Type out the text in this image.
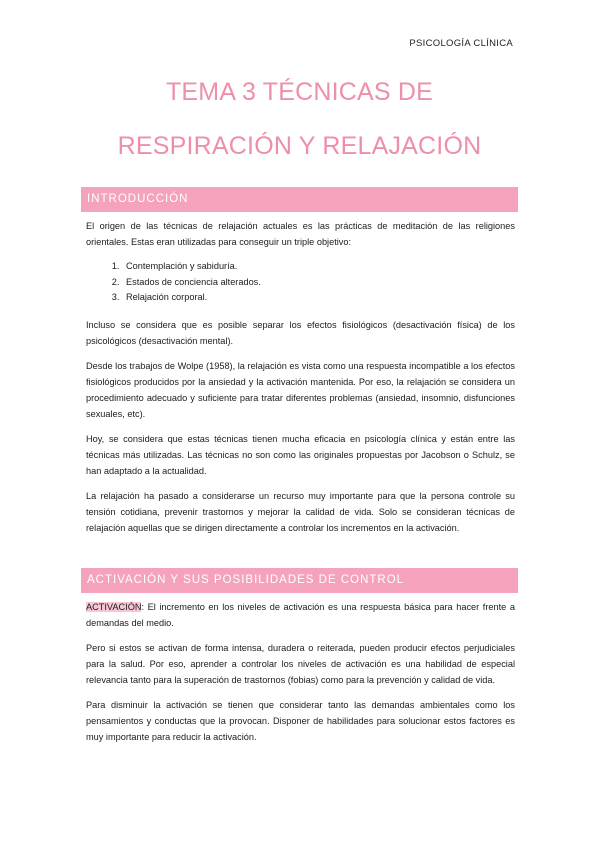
PSICOLOGÍA CLÍNICA
TEMA 3 TÉCNICAS DE
RESPIRACIÓN Y RELAJACIÓN
INTRODUCCIÓN

El origen de las técnicas de relajación actuales es las prácticas de meditación de las religiones orientales. Estas eran utilizadas para conseguir un triple objetivo:

1. Contemplación y sabiduría.
2. Estados de conciencia alterados.
3. Relajación corporal.

Incluso se considera que es posible separar los efectos fisiológicos (desactivación física) de los psicológicos (desactivación mental).

Desde los trabajos de Wolpe (1958), la relajación es vista como una respuesta incompatible a los efectos fisiológicos producidos por la ansiedad y la activación mantenida. Por eso, la relajación se considera un procedimiento adecuado y suficiente para tratar diferentes problemas (ansiedad, insomnio, disfunciones sexuales, etc).

Hoy, se considera que estas técnicas tienen mucha eficacia en psicología clínica y están entre las técnicas más utilizadas. Las técnicas no son como las originales propuestas por Jacobson o Schulz, se han adaptado a la actualidad.

La relajación ha pasado a considerarse un recurso muy importante para que la persona controle su tensión cotidiana, prevenir trastornos y mejorar la calidad de vida. Solo se consideran técnicas de relajación aquellas que se dirigen directamente a controlar los incrementos en la activación.

ACTIVACIÓN Y SUS POSIBILIDADES DE CONTROL

ACTIVACIÓN: El incremento en los niveles de activación es una respuesta básica para hacer frente a demandas del medio.

Pero si estos se activan de forma intensa, duradera o reiterada, pueden producir efectos perjudiciales para la salud. Por eso, aprender a controlar los niveles de activación es una habilidad de especial relevancia tanto para la superación de trastornos (fobias) como para la prevención y calidad de vida.

Para disminuir la activación se tienen que considerar tanto las demandas ambientales como los pensamientos y conductas que la provocan. Disponer de habilidades para solucionar estos factores es muy importante para reducir la activación.
